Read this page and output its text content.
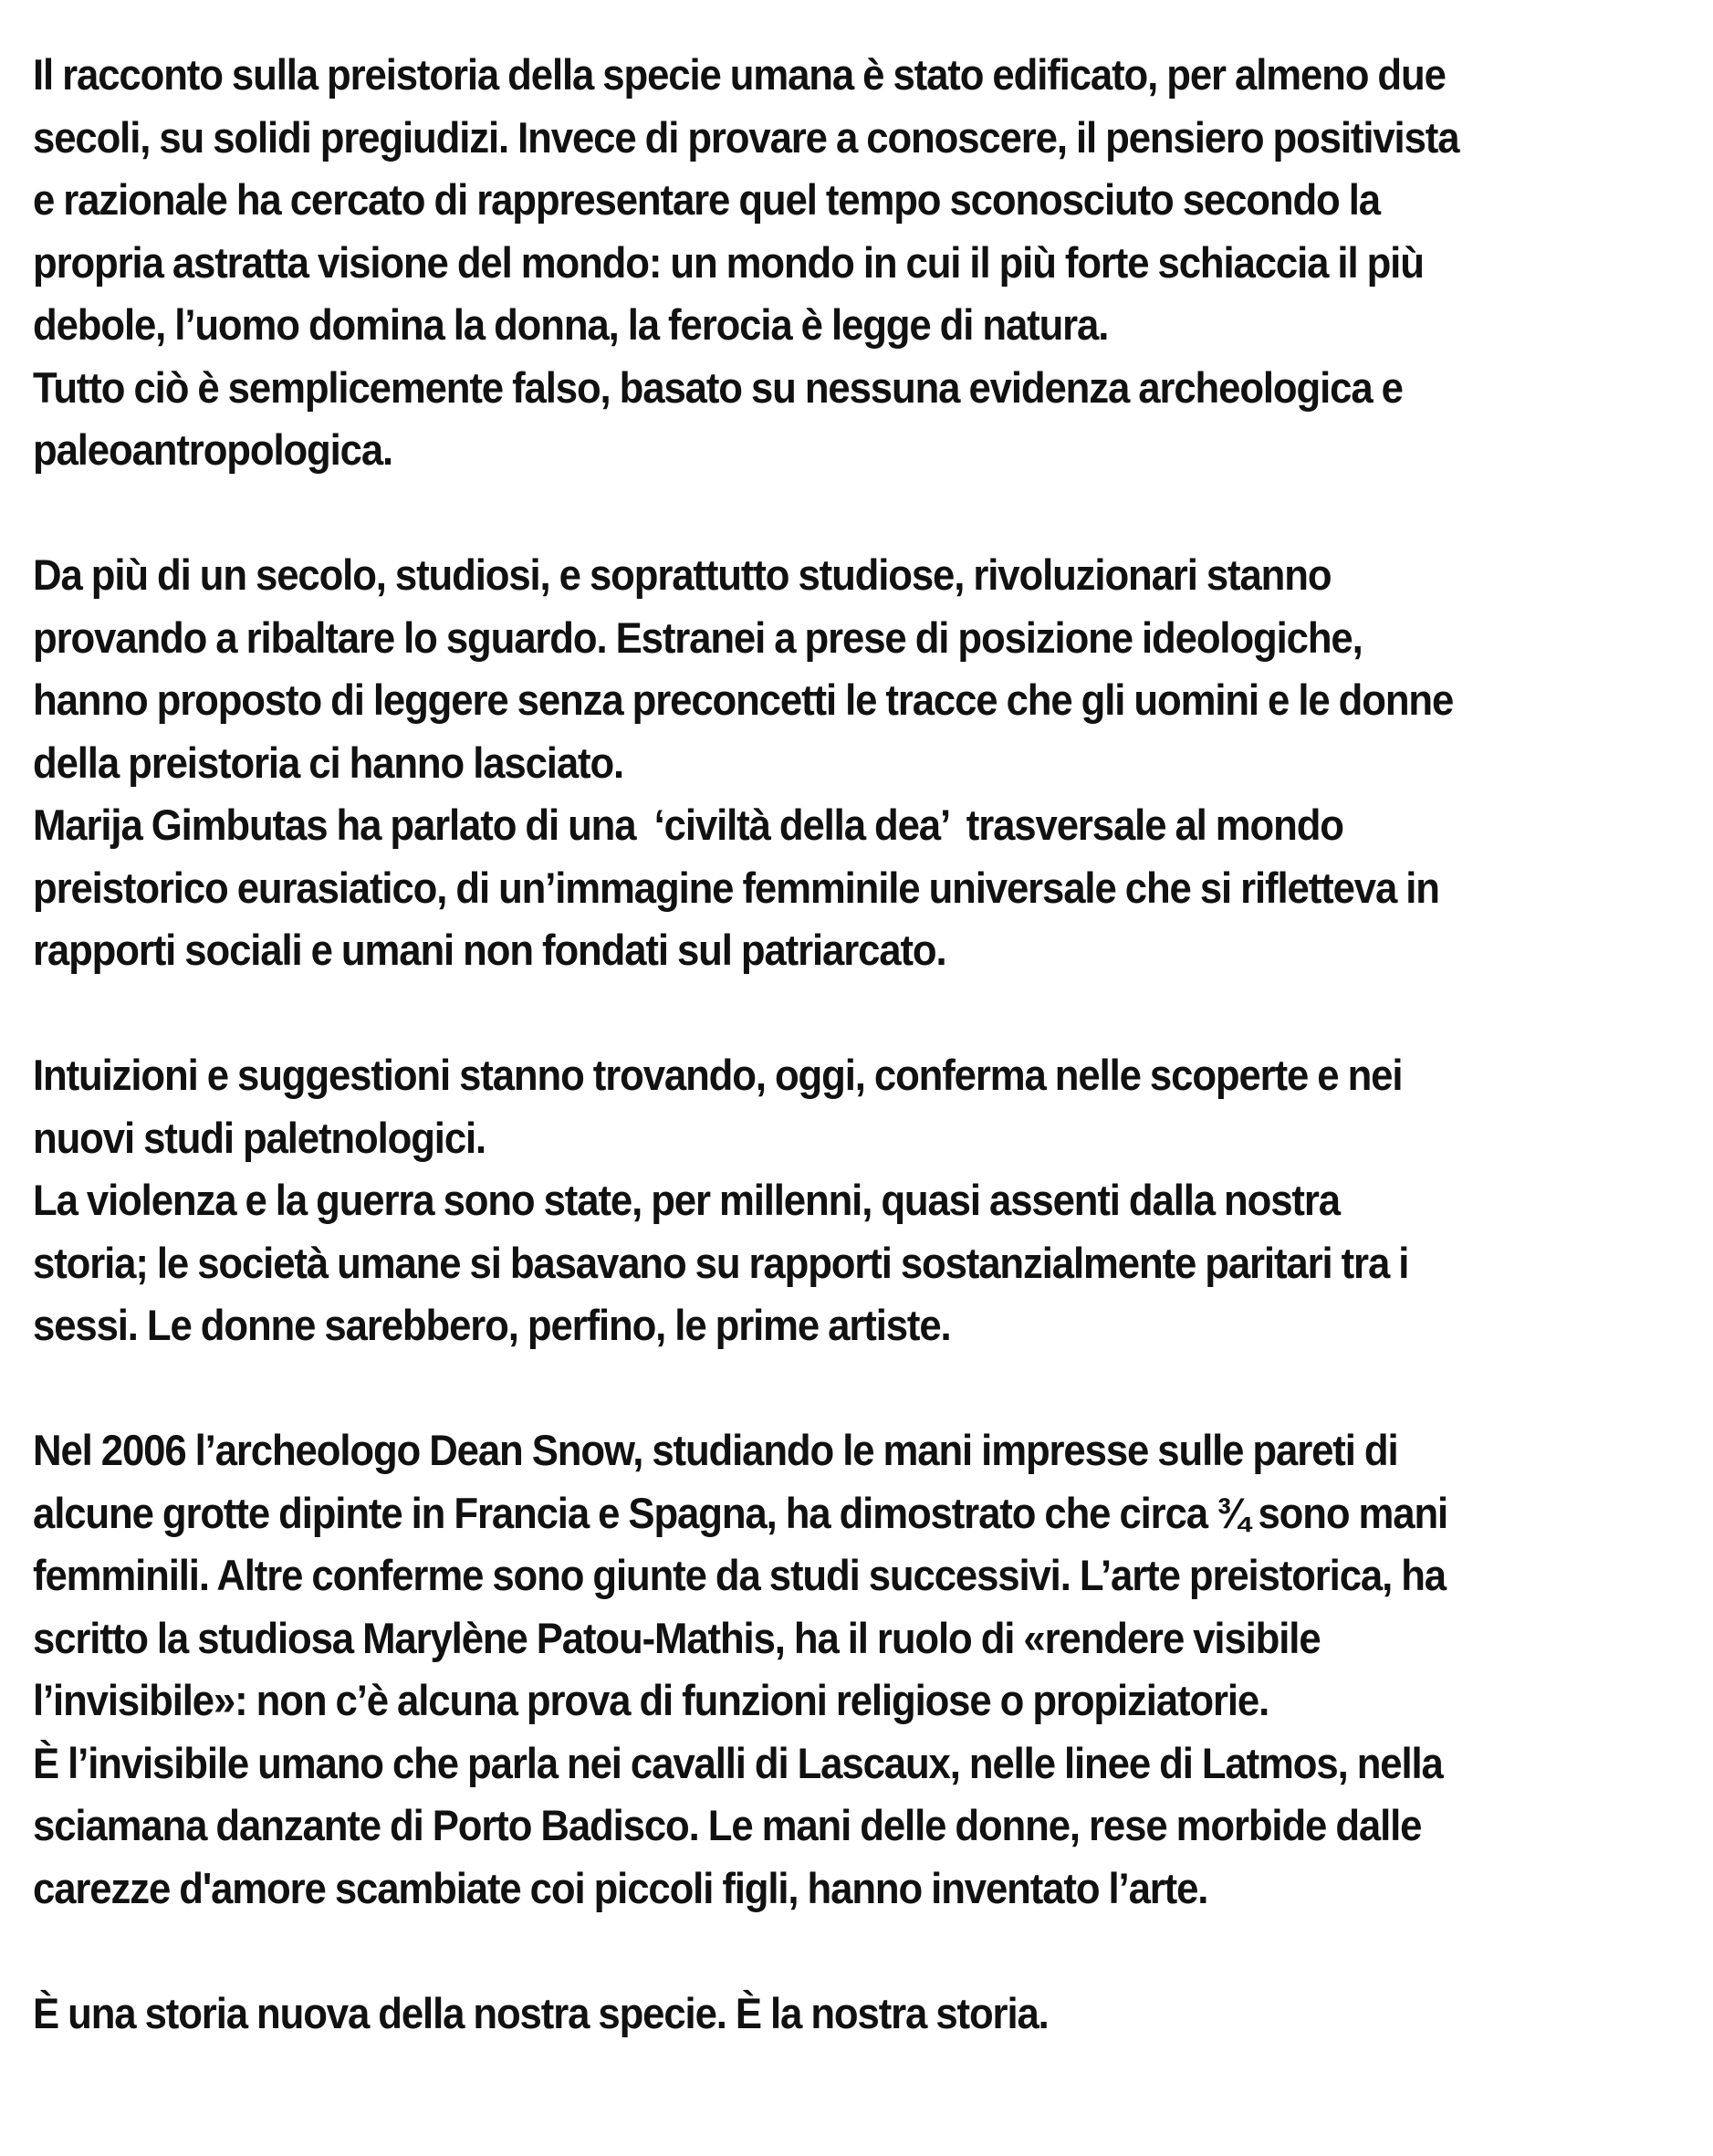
Il racconto sulla preistoria della specie umana è stato edificato, per almeno due
secoli, su solidi pregiudizi. Invece di provare a conoscere, il pensiero positivista
e razionale ha cercato di rappresentare quel tempo sconosciuto secondo la
propria astratta visione del mondo: un mondo in cui il più forte schiaccia il più
debole, l’uomo domina la donna, la ferocia è legge di natura.
Tutto ciò è semplicemente falso, basato su nessuna evidenza archeologica e
paleoantropologica.
Da più di un secolo, studiosi, e soprattutto studiose, rivoluzionari stanno
provando a ribaltare lo sguardo. Estranei a prese di posizione ideologiche,
hanno proposto di leggere senza preconcetti le tracce che gli uomini e le donne
della preistoria ci hanno lasciato.
Marija Gimbutas ha parlato di una  ‘civiltà della dea’  trasversale al mondo
preistorico eurasiatico, di un’immagine femminile universale che si rifletteva in
rapporti sociali e umani non fondati sul patriarcato.
Intuizioni e suggestioni stanno trovando, oggi, conferma nelle scoperte e nei
nuovi studi paletnologici.
La violenza e la guerra sono state, per millenni, quasi assenti dalla nostra
storia; le società umane si basavano su rapporti sostanzialmente paritari tra i
sessi. Le donne sarebbero, perfino, le prime artiste.
Nel 2006 l’archeologo Dean Snow, studiando le mani impresse sulle pareti di
alcune grotte dipinte in Francia e Spagna, ha dimostrato che circa ¾ sono mani
femminili. Altre conferme sono giunte da studi successivi. L’arte preistorica, ha
scritto la studiosa Marylène Patou-Mathis, ha il ruolo di «rendere visibile
l’invisibile»: non c’è alcuna prova di funzioni religiose o propiziatorie.
È l’invisibile umano che parla nei cavalli di Lascaux, nelle linee di Latmos, nella
sciamana danzante di Porto Badisco. Le mani delle donne, rese morbide dalle
carezze d'amore scambiate coi piccoli figli, hanno inventato l’arte.
È una storia nuova della nostra specie. È la nostra storia.
